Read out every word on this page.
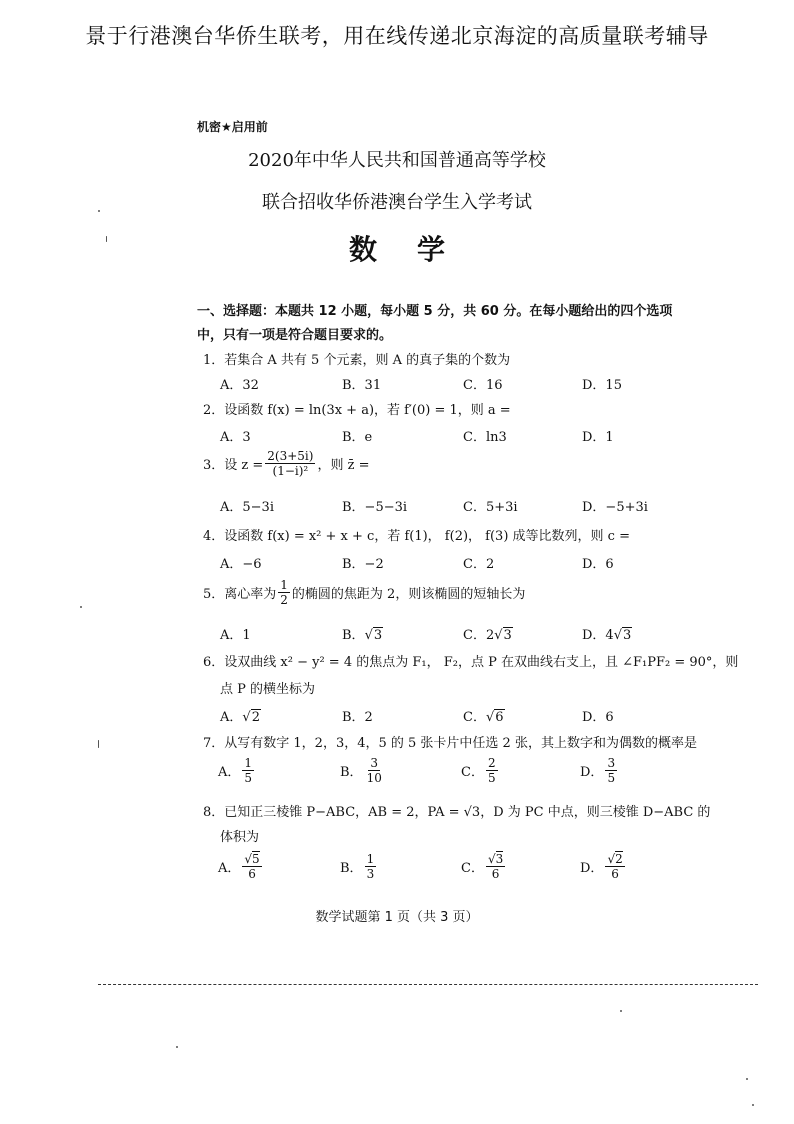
景于行港澳台华侨生联考，用在线传递北京海淀的高质量联考辅导
机密★启用前
2020年中华人民共和国普通高等学校
联合招收华侨港澳台学生入学考试
数学
一、选择题：本题共 12 小题，每小题 5 分，共 60 分。在每小题给出的四个选项中，只有一项是符合题目要求的。
1．若集合 A 共有 5 个元素，则 A 的真子集的个数为
A．32	B．31	C．16	D．15
2．设函数 f(x) = ln(3x + a)，若 f′(0) = 1，则 a =
A．3	B．e	C．ln3	D．1
3．设 $z = \frac{2(3+5i)}{\text{(1−i)²}}$ ，则 z̄ =
A．5−3i	B．−5−3i	C．5+3i	D．−5+3i
4．设函数 f(x) = x² + x + c，若 f(1)， f(2)， f(3) 成等比数列，则 c =
A．−6	B．−2	C．2	D．6
5．离心率为 $\frac{1}{2}$ 的椭圆的焦距为 2，则该椭圆的短轴长为
A．1	B．√3	C．2√3	D．4√3
6．设双曲线 x² − y² = 4 的焦点为 F₁， F₂，点 P 在双曲线右支上，且 ∠F₁PF₂ = 90°，则
点 P 的横坐标为
A．√2	B．2	C．√6	D．6
7．从写有数字 1，2，3，4，5 的 5 张卡片中任选 2 张，其上数字和为偶数的概率是
A． $\frac{1}{5}$	B． $\frac{3}{10}$	C． $\frac{2}{5}$	D． $\frac{3}{5}$
8．已知正三棱锥 P−ABC，AB = 2，PA = √3，D 为 PC 中点，则三棱锥 D−ABC 的
体积为
A． $\frac{√5}{6}$	B． $\frac{1}{3}$	C． $\frac{√3}{6}$	D． $\frac{√2}{6}$
数学试题第 1 页（共 3 页）
